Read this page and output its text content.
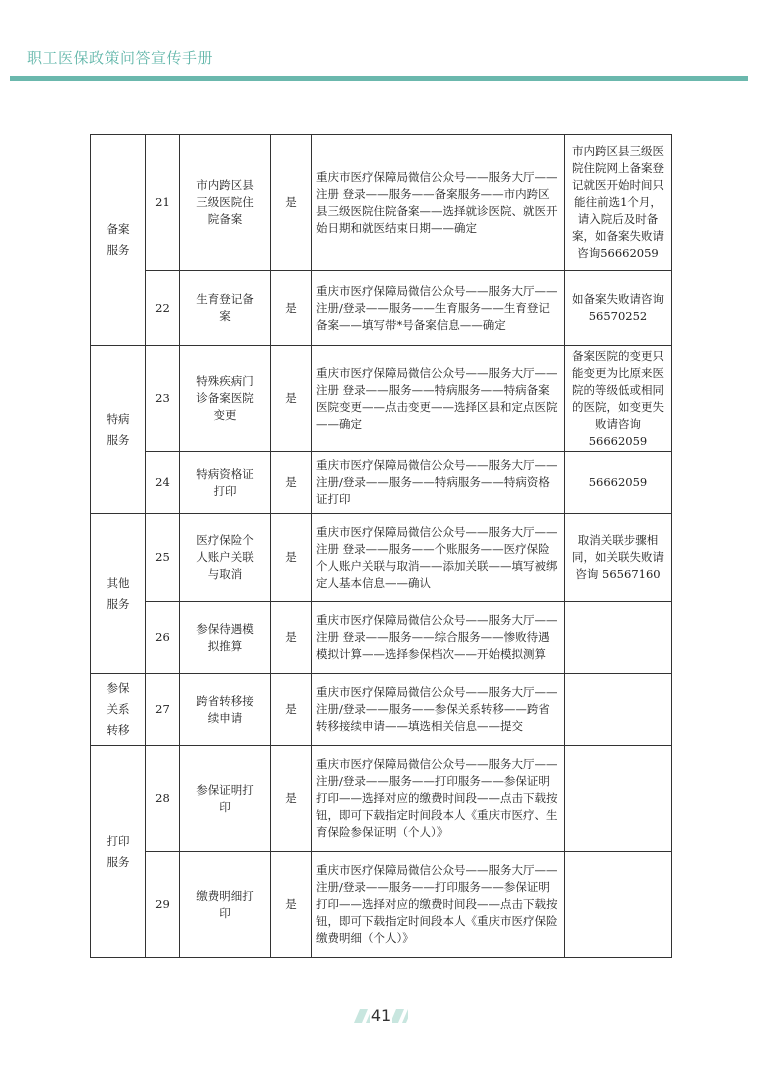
职工医保政策问答宣传手册
备案服务	21	市内跨区县三级医院住院备案	是	重庆市医疗保障局微信公众号——服务大厅——注册 登录——服务——备案服务——市内跨区县三级医院住院备案——选择就诊医院、就医开始日期和就医结束日期——确定	市内跨区县三级医院住院网上备案登记就医开始时间只能往前选1个月，请入院后及时备案，如备案失败请咨询56662059
	22	生育登记备案	是	重庆市医疗保障局微信公众号——服务大厅——注册/登录——服务——生育服务——生育登记备案——填写带*号备案信息——确定	如备案失败请咨询 56570252
特病服务	23	特殊疾病门诊备案医院变更	是	重庆市医疗保障局微信公众号——服务大厅——注册 登录——服务——特病服务——特病备案医院变更——点击变更——选择区县和定点医院——确定	备案医院的变更只能变更为比原来医院的等级低或相同的医院，如变更失败请咨询 56662059
	24	特病资格证打印	是	重庆市医疗保障局微信公众号——服务大厅——注册/登录——服务——特病服务——特病资格证打印	56662059
其他服务	25	医疗保险个人账户关联与取消	是	重庆市医疗保障局微信公众号——服务大厅——注册 登录——服务——个账服务——医疗保险个人账户关联与取消——添加关联——填写被绑定人基本信息——确认	取消关联步骤相同，如关联失败请咨询 56567160
	26	参保待遇模拟推算	是	重庆市医疗保障局微信公众号——服务大厅——注册 登录——服务——综合服务——惨败待遇模拟计算——选择参保档次——开始模拟测算	
参保关系转移	27	跨省转移接续申请	是	重庆市医疗保障局微信公众号——服务大厅——注册/登录——服务——参保关系转移——跨省转移接续申请——填选相关信息——提交	
打印服务	28	参保证明打印	是	重庆市医疗保障局微信公众号——服务大厅——注册/登录——服务——打印服务——参保证明打印——选择对应的缴费时间段——点击下载按钮，即可下载指定时间段本人《重庆市医疗、生育保险参保证明（个人）》	
	29	缴费明细打印	是	重庆市医疗保障局微信公众号——服务大厅——注册/登录——服务——打印服务——参保证明打印——选择对应的缴费时间段——点击下载按钮，即可下载指定时间段本人《重庆市医疗保险缴费明细（个人）》	
41
